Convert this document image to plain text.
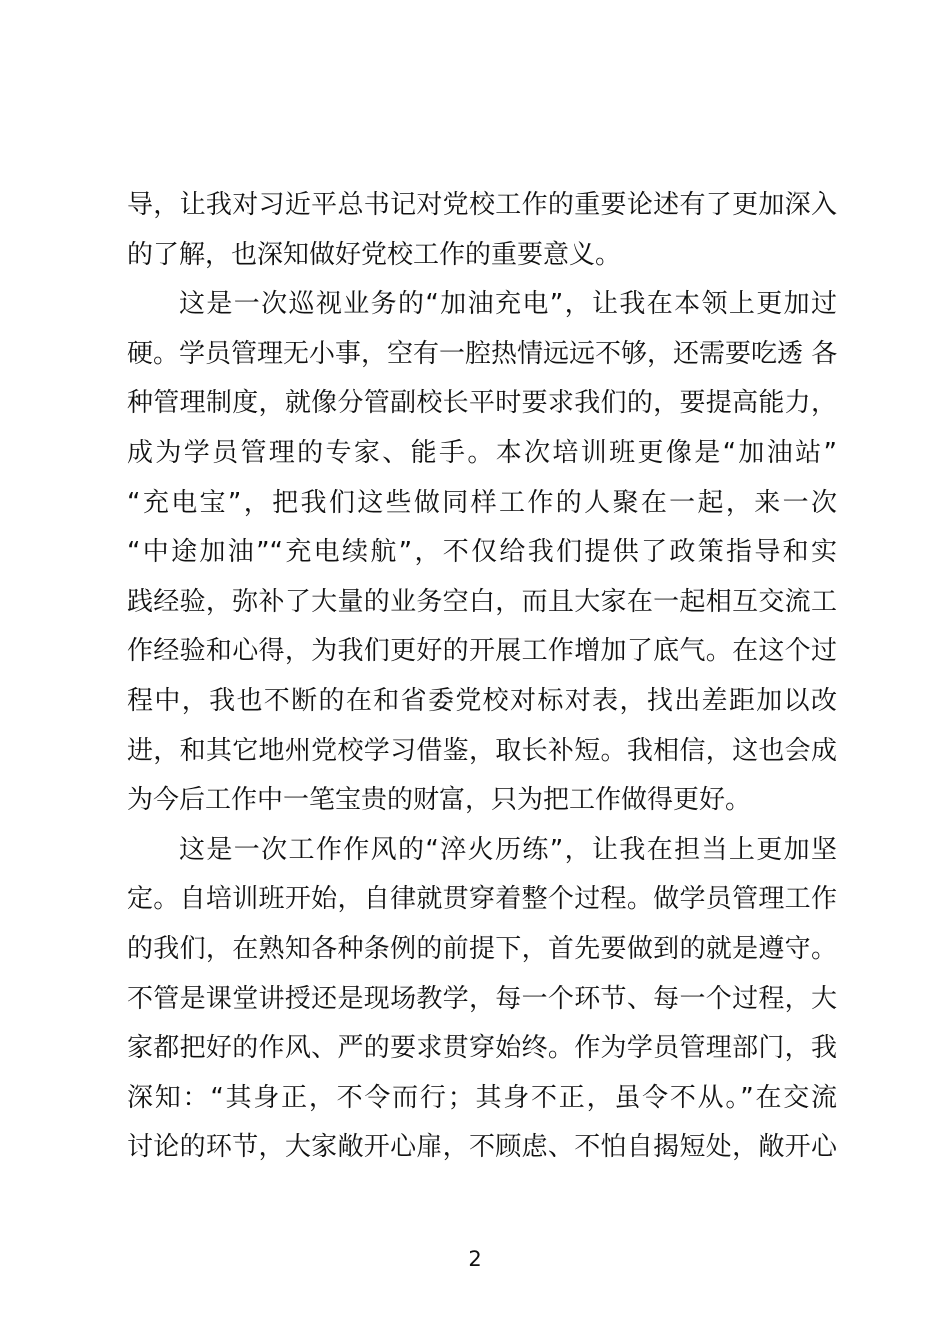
导，让我对习近平总书记对党校工作的重要论述有了更加深入
的了解，也深知做好党校工作的重要意义。
这是一次巡视业务的“加油充电”，让我在本领上更加过
硬。学员管理无小事，空有一腔热情远远不够，还需要吃透 各
种管理制度，就像分管副校长平时要求我们的，要提高能力，
成为学员管理的专家、能手。本次培训班更像是“加油站”
“充电宝”，把我们这些做同样工作的人聚在一起，来一次
“中途加油”“充电续航”，不仅给我们提供了政策指导和实
践经验，弥补了大量的业务空白，而且大家在一起相互交流工
作经验和心得，为我们更好的开展工作增加了底气。在这个过
程中，我也不断的在和省委党校对标对表，找出差距加以改
进，和其它地州党校学习借鉴，取长补短。我相信，这也会成
为今后工作中一笔宝贵的财富，只为把工作做得更好。
这是一次工作作风的“淬火历练”，让我在担当上更加坚
定。自培训班开始，自律就贯穿着整个过程。做学员管理工作
的我们，在熟知各种条例的前提下，首先要做到的就是遵守。
不管是课堂讲授还是现场教学，每一个环节、每一个过程，大
家都把好的作风、严的要求贯穿始终。作为学员管理部门，我
深知：“其身正，不令而行；其身不正，虽令不从。”在交流
讨论的环节，大家敞开心扉，不顾虑、不怕自揭短处，敞开心
2
